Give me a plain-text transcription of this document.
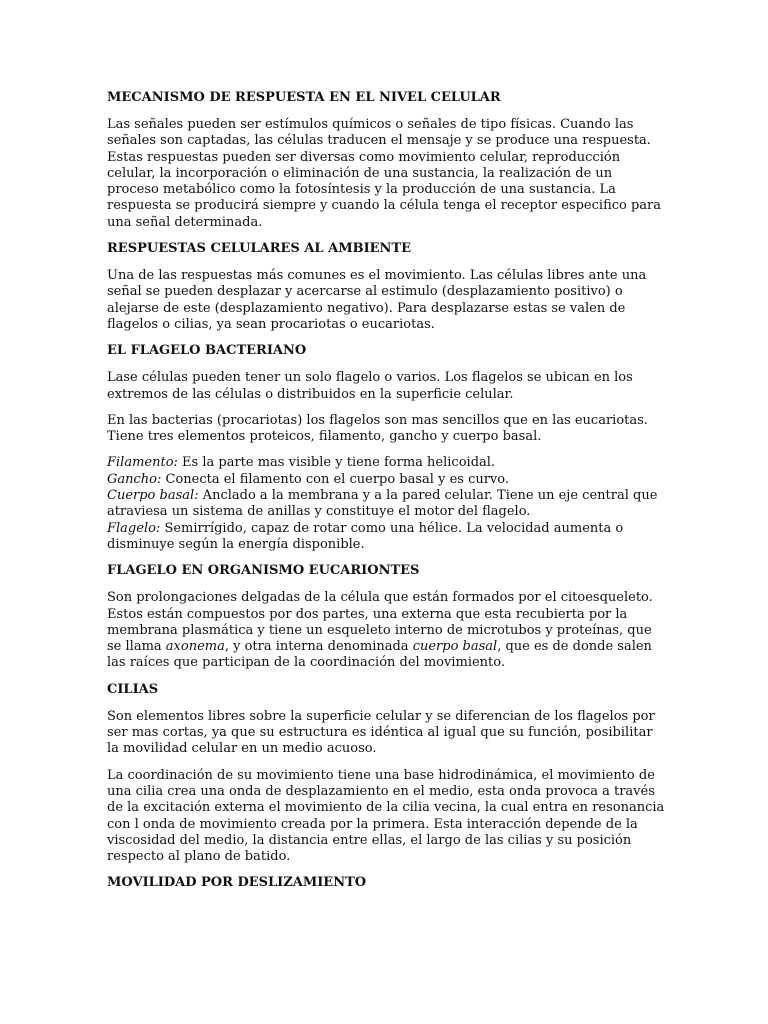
MECANISMO DE RESPUESTA EN EL NIVEL CELULAR

Las señales pueden ser estímulos químicos o señales de tipo físicas. Cuando las señales son captadas, las células traducen el mensaje y se produce una respuesta. Estas respuestas pueden ser diversas como movimiento celular, reproducción celular, la incorporación o eliminación de una sustancia, la realización de un proceso metabólico como la fotosíntesis y la producción de una sustancia. La respuesta se producirá siempre y cuando la célula tenga el receptor especifico para una señal determinada.

RESPUESTAS CELULARES AL AMBIENTE

Una de las respuestas más comunes es el movimiento. Las células libres ante una señal se pueden desplazar y acercarse al estimulo (desplazamiento positivo) o alejarse de este (desplazamiento negativo). Para desplazarse estas se valen de flagelos o cilias, ya sean procariotas o eucariotas.

EL FLAGELO BACTERIANO

Lase células pueden tener un solo flagelo o varios. Los flagelos se ubican en los extremos de las células o distribuidos en la superficie celular.

En las bacterias (procariotas) los flagelos son mas sencillos que en las eucariotas. Tiene tres elementos proteicos, filamento, gancho y cuerpo basal.

Filamento: Es la parte mas visible y tiene forma helicoidal.
Gancho: Conecta el filamento con el cuerpo basal y es curvo.
Cuerpo basal: Anclado a la membrana y a la pared celular. Tiene un eje central que atraviesa un sistema de anillas y constituye el motor del flagelo.
Flagelo: Semirrígido, capaz de rotar como una hélice. La velocidad aumenta o disminuye según la energía disponible.
FLAGELO EN ORGANISMO EUCARIONTES

Son prolongaciones delgadas de la célula que están formados por el citoesqueleto. Estos están compuestos por dos partes, una externa que esta recubierta por la membrana plasmática y tiene un esqueleto interno de microtubos y proteínas, que se llama axonema, y otra interna denominada cuerpo basal, que es de donde salen las raíces que participan de la coordinación del movimiento.

CILIAS

Son elementos libres sobre la superficie celular y se diferencian de los flagelos por ser mas cortas, ya que su estructura es idéntica al igual que su función, posibilitar la movilidad celular en un medio acuoso.

La coordinación de su movimiento tiene una base hidrodinámica, el movimiento de una cilia crea una onda de desplazamiento en el medio, esta onda provoca a través de la excitación externa el movimiento de la cilia vecina, la cual entra en resonancia con l onda de movimiento creada por la primera. Esta interacción depende de la viscosidad del medio, la distancia entre ellas, el largo de las cilias y su posición respecto al plano de batido.

MOVILIDAD POR DESLIZAMIENTO
